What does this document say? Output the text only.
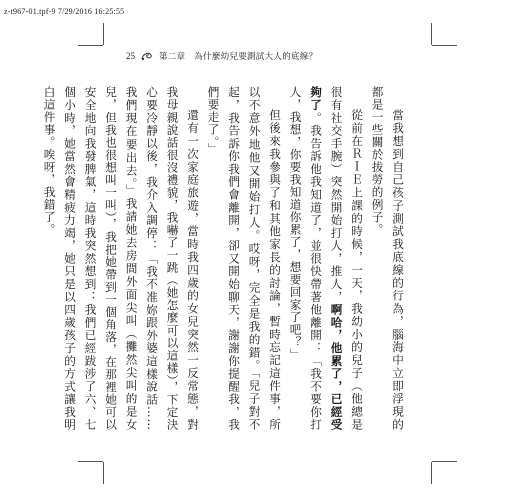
z-t967-01.tpf-9 7/29/2016 16:25:55
25	第二章　為什麼幼兒要測試大人的底線？

當我想到自己孩子測試我底線的行為，腦海中立即浮現的都是一些關於拔勞的例子。

從前在ＲＩＥ上課的時候，一天，我幼小的兒子（他總是很有社交手腕）突然開始打人，推人，啊哈，他累了，已經受夠了。我告訴他我知道了，並很快帶著他離開：「我不要你打人，我想，你要我知道你累了，想要回家了吧？」

但後來我參與了和其他家長的討論，暫時忘記這件事，所以不意外地他又開始打人。哎呀，完全是我的錯。「兒子對不起，我告訴你我們會離開，卻又開始聊天，謝謝你提醒我，我們要走了。」

還有一次家庭旅遊，當時我四歲的女兒突然一反常態，對我母親說話很沒禮貌，我嚇了一跳（她怎麼可以這樣），下定決心要冷靜以後，我介入調停：「我不准妳跟外婆這樣說話……我們現在要出去。」我請她去房間外面尖叫（攤然尖叫的是女兒，但我也很想叫一叫），我把她帶到一個角落，在那裡她可以安全地向我發脾氣，這時我突然想到：我們已經跋涉了六、七個小時，她當然會精疲力竭，她只是以四歲孩子的方式讓我明白這件事。唉呀，我錯了。
